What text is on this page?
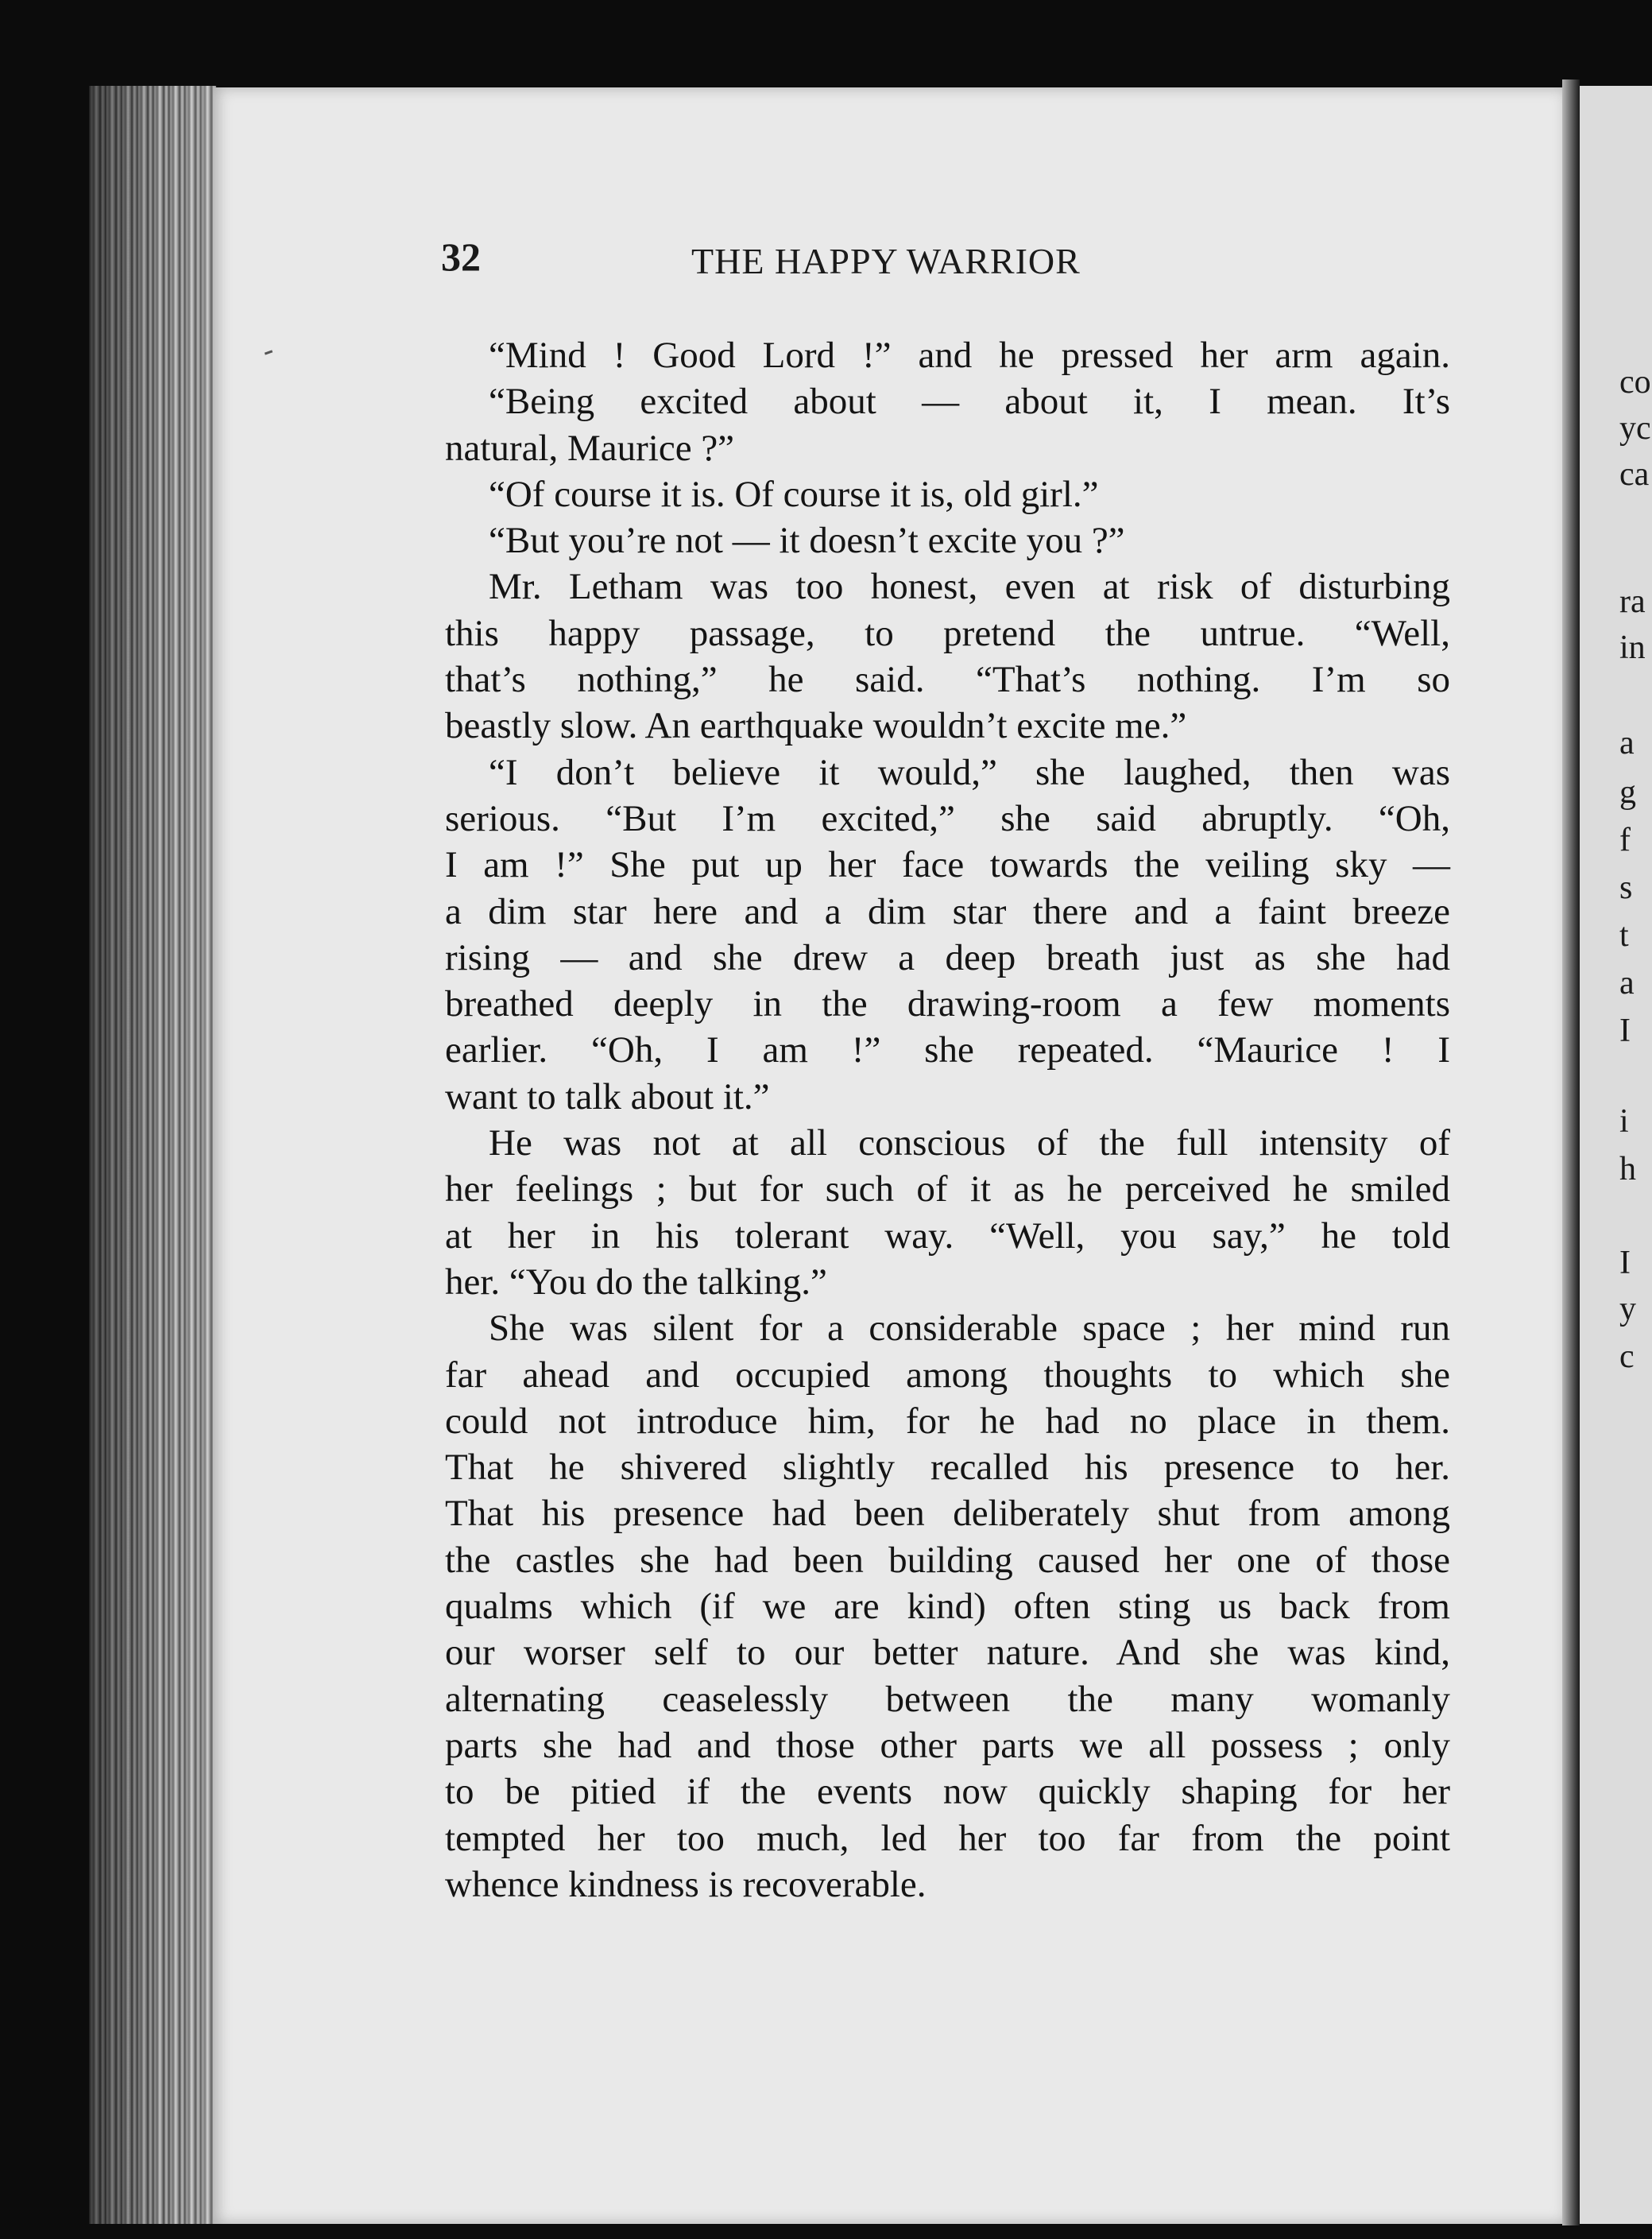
32	THE HAPPY WARRIOR
“Mind ! Good Lord !” and he pressed her arm again.
“Being excited about — about it, I mean. It’s
natural, Maurice ?”
“Of course it is. Of course it is, old girl.”
“But you’re not — it doesn’t excite you ?”
Mr. Letham was too honest, even at risk of disturbing
this happy passage, to pretend the untrue. “Well,
that’s nothing,” he said. “That’s nothing. I’m so
beastly slow. An earthquake wouldn’t excite me.”
“I don’t believe it would,” she laughed, then was
serious. “But I’m excited,” she said abruptly. “Oh,
I am !” She put up her face towards the veiling sky —
a dim star here and a dim star there and a faint breeze
rising — and she drew a deep breath just as she had
breathed deeply in the drawing-room a few moments
earlier. “Oh, I am !” she repeated. “Maurice ! I
want to talk about it.”
He was not at all conscious of the full intensity of
her feelings ; but for such of it as he perceived he smiled
at her in his tolerant way. “Well, you say,” he told
her. “You do the talking.”
She was silent for a considerable space ; her mind run
far ahead and occupied among thoughts to which she
could not introduce him, for he had no place in them.
That he shivered slightly recalled his presence to her.
That his presence had been deliberately shut from among
the castles she had been building caused her one of those
qualms which (if we are kind) often sting us back from
our worser self to our better nature. And she was kind,
alternating ceaselessly between the many womanly
parts she had and those other parts we all possess ; only
to be pitied if the events now quickly shaping for her
tempted her too much, led her too far from the point
whence kindness is recoverable.
co
yc
ca
ra
in
a
g
f
s
t
a
I
i
h
I
y
c
